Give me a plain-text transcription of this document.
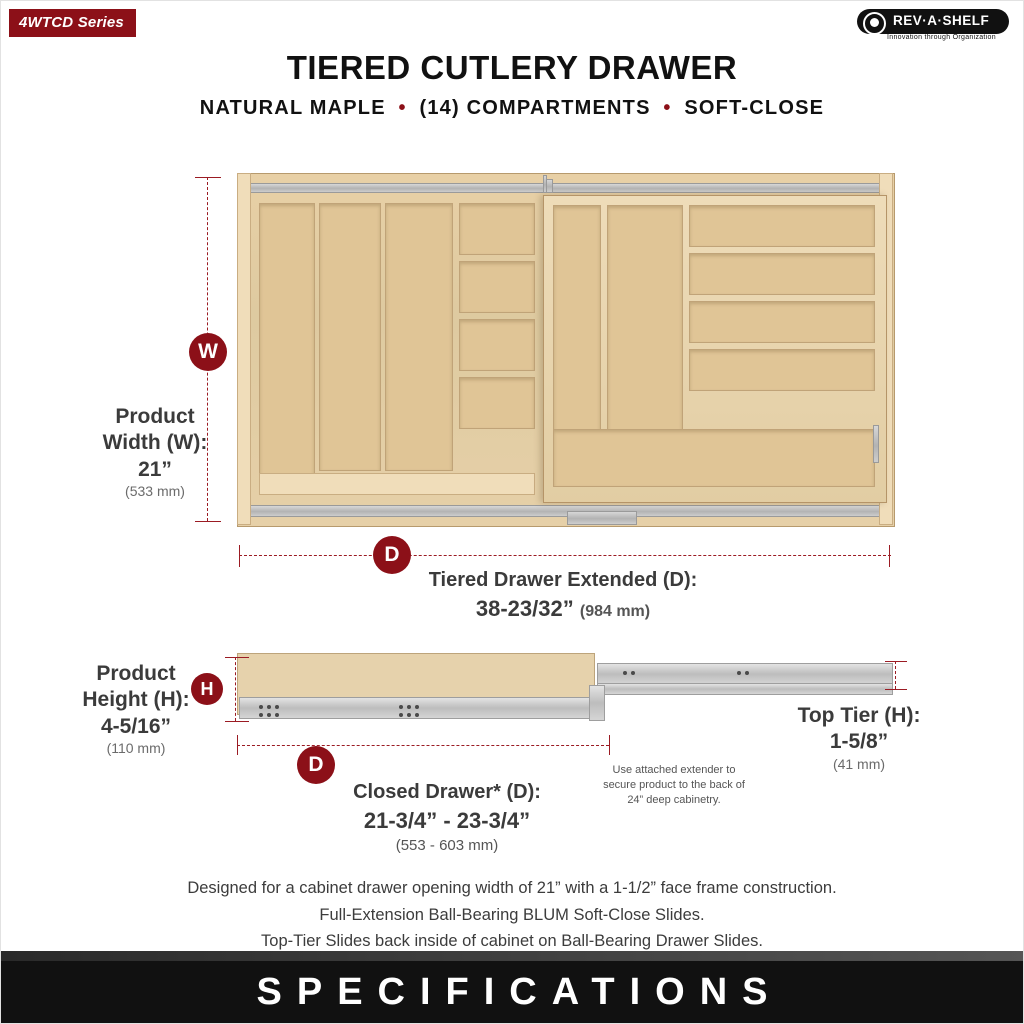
4WTCD Series	REV·A·SHELF
Innovation through Organization
TIERED CUTLERY DRAWER
NATURAL MAPLE • (14) COMPARTMENTS • SOFT-CLOSE
W
D
Product
Width (W):
21”
(533 mm)
Tiered Drawer Extended (D):
38-23/32” (984 mm)
H
D
Product
Height (H):
4-5/16”
(110 mm)
Top Tier (H):
1-5/8”
(41 mm)
Closed Drawer* (D):
21-3/4” - 23-3/4”
(553 - 603 mm)
Use attached extender to secure product to the back of 24” deep cabinetry.
Designed for a cabinet drawer opening width of 21” with a 1-1/2” face frame construction.
Full-Extension Ball-Bearing BLUM Soft-Close Slides.
Top-Tier Slides back inside of cabinet on Ball-Bearing Drawer Slides.
SPECIFICATIONS
